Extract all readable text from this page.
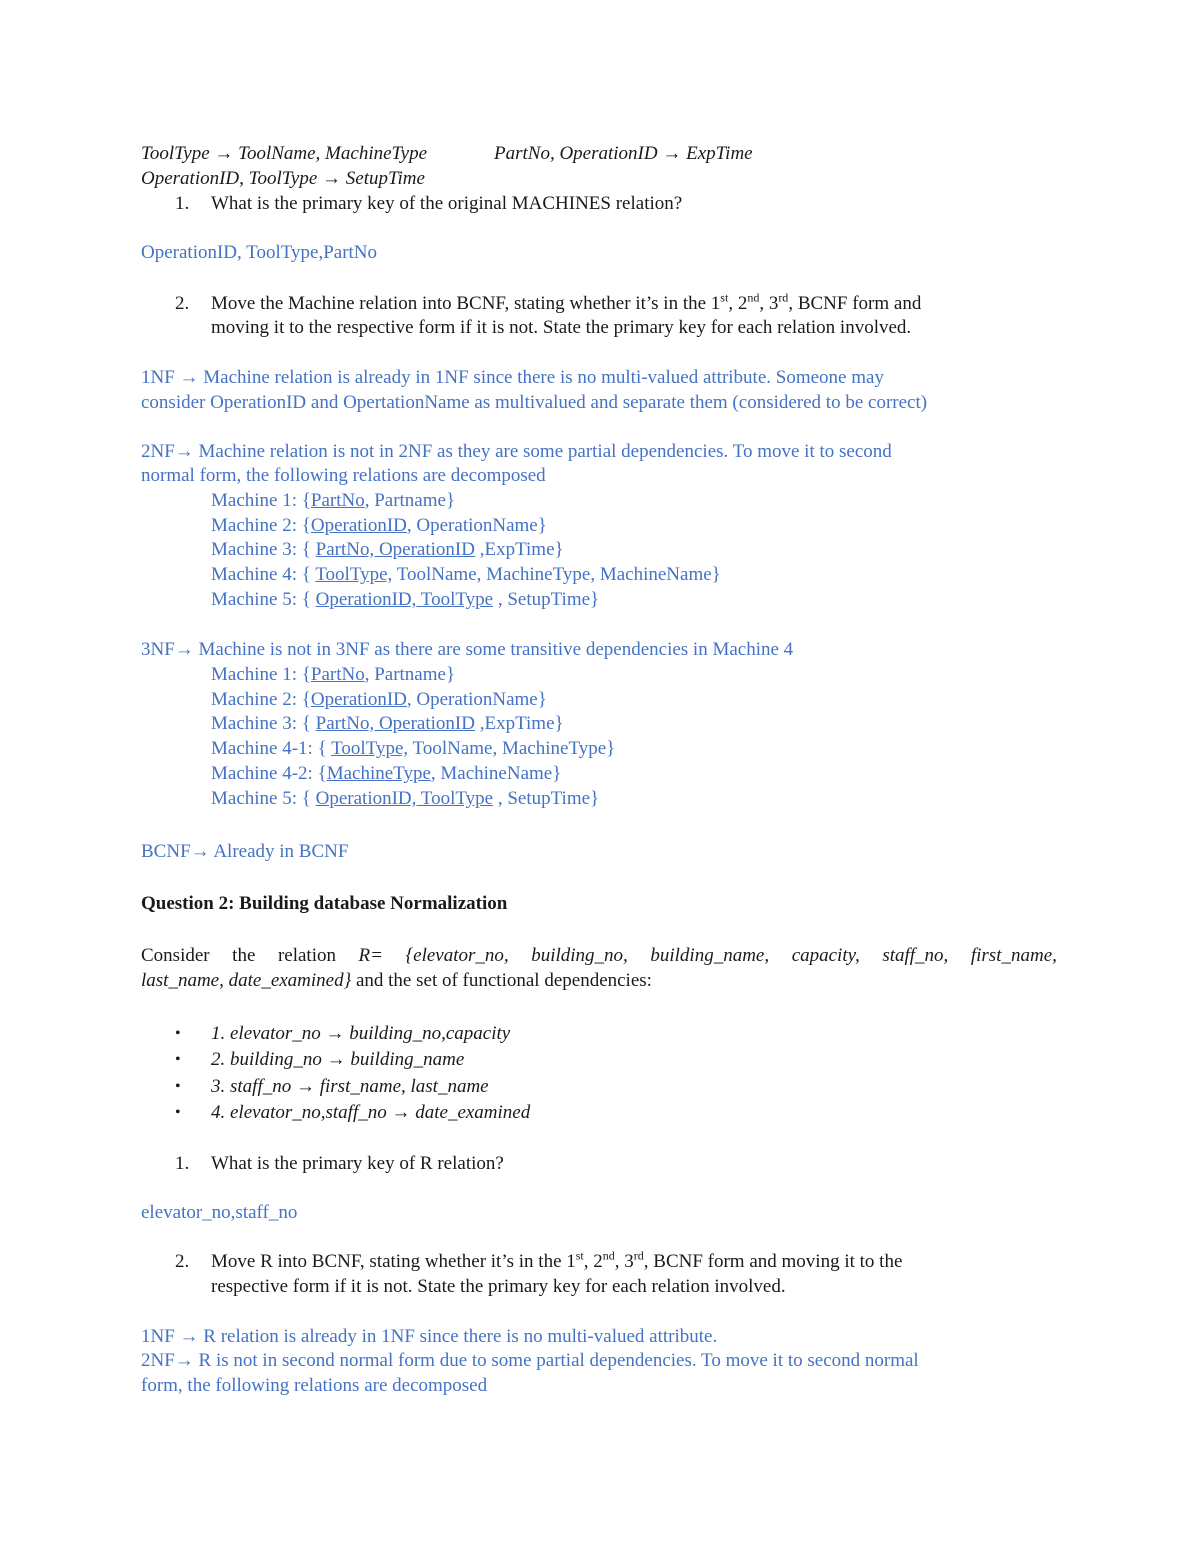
ToolType → ToolName, MachineType	PartNo, OperationID → ExpTime
OperationID, ToolType → SetupTime
1. What is the primary key of the original MACHINES relation?
OperationID, ToolType,PartNo
2. Move the Machine relation into BCNF, stating whether it’s in the 1st, 2nd, 3rd, BCNF form and
moving it to the respective form if it is not. State the primary key for each relation involved.
1NF → Machine relation is already in 1NF since there is no multi-valued attribute. Someone may
consider OperationID and OpertationName as multivalued and separate them (considered to be correct)
2NF→ Machine relation is not in 2NF as they are some partial dependencies. To move it to second
normal form, the following relations are decomposed
Machine 1: {PartNo, Partname}
Machine 2: {OperationID, OperationName}
Machine 3: { PartNo, OperationID ,ExpTime}
Machine 4: { ToolType, ToolName, MachineType, MachineName}
Machine 5: { OperationID, ToolType , SetupTime}
3NF→ Machine is not in 3NF as there are some transitive dependencies in Machine 4
Machine 1: {PartNo, Partname}
Machine 2: {OperationID, OperationName}
Machine 3: { PartNo, OperationID ,ExpTime}
Machine 4-1: { ToolType, ToolName, MachineType}
Machine 4-2: {MachineType, MachineName}
Machine 5: { OperationID, ToolType , SetupTime}
BCNF→ Already in BCNF
Question 2: Building database Normalization
Consider the relation R= {elevator_no, building_no, building_name, capacity, staff_no, first_name,
last_name, date_examined} and the set of functional dependencies:
• 1. elevator_no → building_no,capacity
• 2. building_no → building_name
• 3. staff_no → first_name, last_name
• 4. elevator_no,staff_no → date_examined
1. What is the primary key of R relation?
elevator_no,staff_no
2. Move R into BCNF, stating whether it’s in the 1st, 2nd, 3rd, BCNF form and moving it to the
respective form if it is not. State the primary key for each relation involved.
1NF → R relation is already in 1NF since there is no multi-valued attribute.
2NF→ R is not in second normal form due to some partial dependencies. To move it to second normal
form, the following relations are decomposed
